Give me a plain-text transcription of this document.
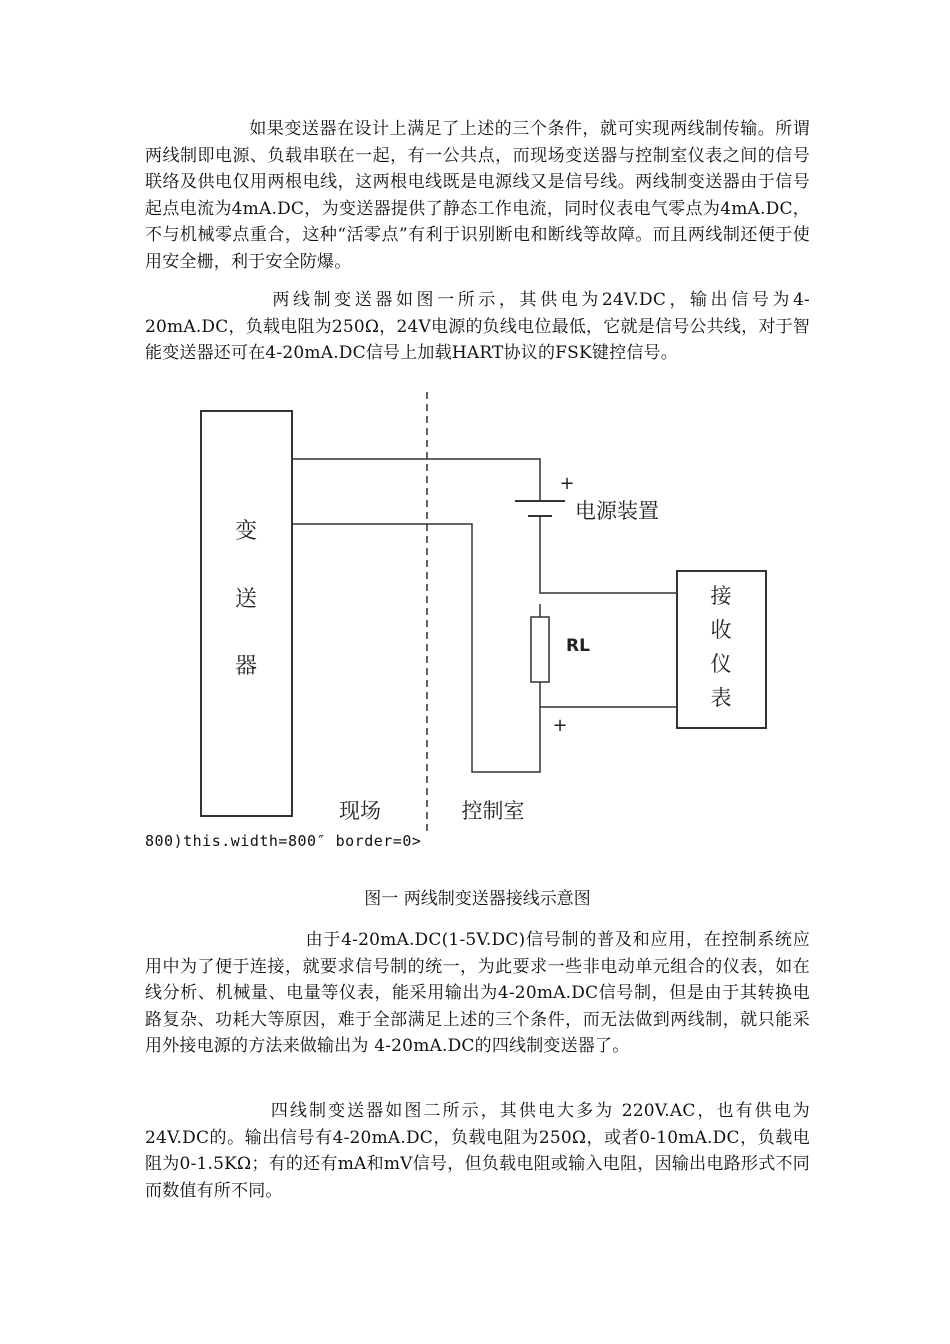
如果变送器在设计上满足了上述的三个条件，就可实现两线制传输。所谓两线制即电源、负载串联在一起，有一公共点，而现场变送器与控制室仪表之间的信号联络及供电仅用两根电线，这两根电线既是电源线又是信号线。两线制变送器由于信号起点电流为4mA.DC，为变送器提供了静态工作电流，同时仪表电气零点为4mA.DC，不与机械零点重合，这种“活零点”有利于识别断电和断线等故障。而且两线制还便于使用安全栅，利于安全防爆。

两线制变送器如图一所示，其供电为24V.DC，输出信号为4-20mA.DC，负载电阻为250Ω，24V电源的负线电位最低，它就是信号公共线，对于智能变送器还可在4-20mA.DC信号上加载HART协议的FSK键控信号。

变
送
器
+
电源装置
接
收
仪
表
RL
+
现场	控制室
800)this.width=800″ border=0>
图一 两线制变送器接线示意图

由于4-20mA.DC(1-5V.DC)信号制的普及和应用，在控制系统应用中为了便于连接，就要求信号制的统一，为此要求一些非电动单元组合的仪表，如在线分析、机械量、电量等仪表，能采用输出为4-20mA.DC信号制，但是由于其转换电路复杂、功耗大等原因，难于全部满足上述的三个条件，而无法做到两线制，就只能采用外接电源的方法来做输出为 4-20mA.DC的四线制变送器了。

四线制变送器如图二所示，其供电大多为 220V.AC，也有供电为24V.DC的。输出信号有4-20mA.DC，负载电阻为250Ω，或者0-10mA.DC，负载电阻为0-1.5KΩ；有的还有mA和mV信号，但负载电阻或输入电阻，因输出电路形式不同而数值有所不同。
